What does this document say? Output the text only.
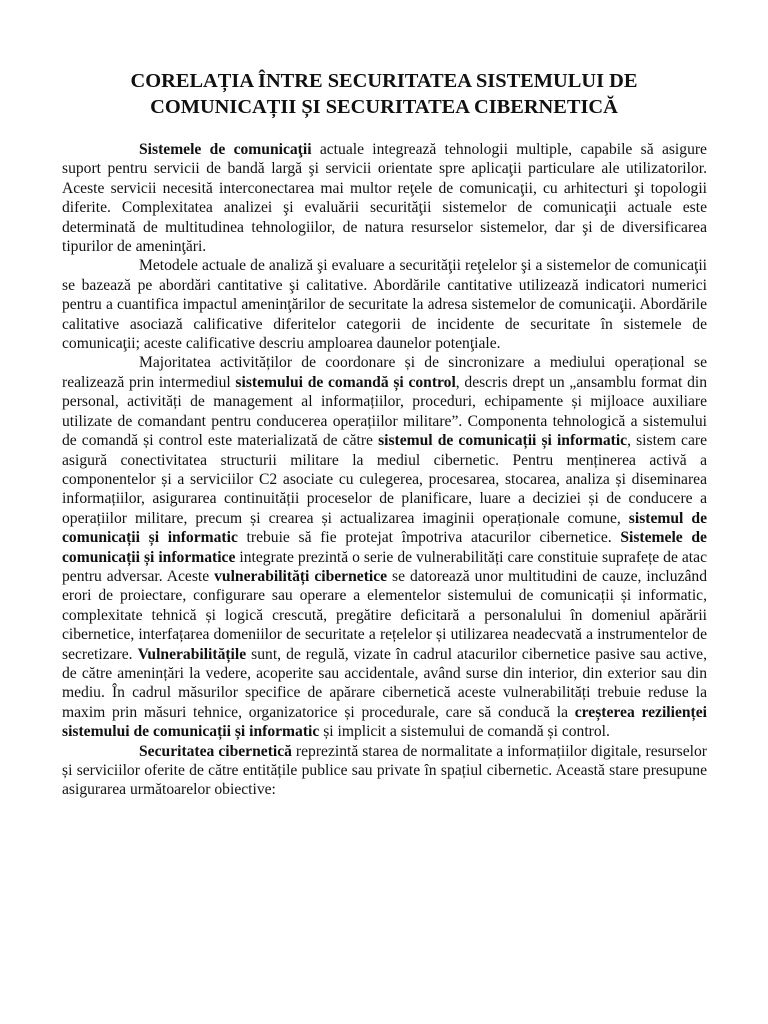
CORELAȚIA ÎNTRE SECURITATEA SISTEMULUI DE
COMUNICAȚII ȘI SECURITATEA CIBERNETICĂ

Sistemele de comunicaţii actuale integrează tehnologii multiple, capabile să asigure suport pentru servicii de bandă largă şi servicii orientate spre aplicaţii particulare ale utilizatorilor. Aceste servicii necesită interconectarea mai multor reţele de comunicaţii, cu arhitecturi şi topologii diferite. Complexitatea analizei şi evaluării securităţii sistemelor de comunicaţii actuale este determinată de multitudinea tehnologiilor, de natura resurselor sistemelor, dar şi de diversificarea tipurilor de ameninţări.

Metodele actuale de analiză şi evaluare a securităţii reţelelor şi a sistemelor de comunicaţii se bazează pe abordări cantitative şi calitative. Abordările cantitative utilizează indicatori numerici pentru a cuantifica impactul ameninţărilor de securitate la adresa sistemelor de comunicaţii. Abordările calitative asociază calificative diferitelor categorii de incidente de securitate în sistemele de comunicaţii; aceste calificative descriu amploarea daunelor potenţiale.

Majoritatea activităților de coordonare și de sincronizare a mediului operațional se realizează prin intermediul sistemului de comandă și control, descris drept un „ansamblu format din personal, activități de management al informațiilor, proceduri, echipamente și mijloace auxiliare utilizate de comandant pentru conducerea operațiilor militare”. Componenta tehnologică a sistemului de comandă și control este materializată de către sistemul de comunicații și informatic, sistem care asigură conectivitatea structurii militare la mediul cibernetic. Pentru menținerea activă a componentelor și a serviciilor C2 asociate cu culegerea, procesarea, stocarea, analiza și diseminarea informațiilor, asigurarea continuității proceselor de planificare, luare a deciziei și de conducere a operațiilor militare, precum și crearea și actualizarea imaginii operaționale comune, sistemul de comunicații și informatic trebuie să fie protejat împotriva atacurilor cibernetice. Sistemele de comunicații și informatice integrate prezintă o serie de vulnerabilități care constituie suprafețe de atac pentru adversar. Aceste vulnerabilități cibernetice se datorează unor multitudini de cauze, incluzând erori de proiectare, configurare sau operare a elementelor sistemului de comunicații și informatic, complexitate tehnică și logică crescută, pregătire deficitară a personalului în domeniul apărării cibernetice, interfațarea domeniilor de securitate a rețelelor și utilizarea neadecvată a instrumentelor de secretizare. Vulnerabilitățile sunt, de regulă, vizate în cadrul atacurilor cibernetice pasive sau active, de către amenințări la vedere, acoperite sau accidentale, având surse din interior, din exterior sau din mediu. În cadrul măsurilor specifice de apărare cibernetică aceste vulnerabilități trebuie reduse la maxim prin măsuri tehnice, organizatorice și procedurale, care să conducă la creșterea rezilienței sistemului de comunicații și informatic și implicit a sistemului de comandă și control.

Securitatea cibernetică reprezintă starea de normalitate a informațiilor digitale, resurselor și serviciilor oferite de către entitățile publice sau private în spațiul cibernetic. Această stare presupune asigurarea următoarelor obiective:
